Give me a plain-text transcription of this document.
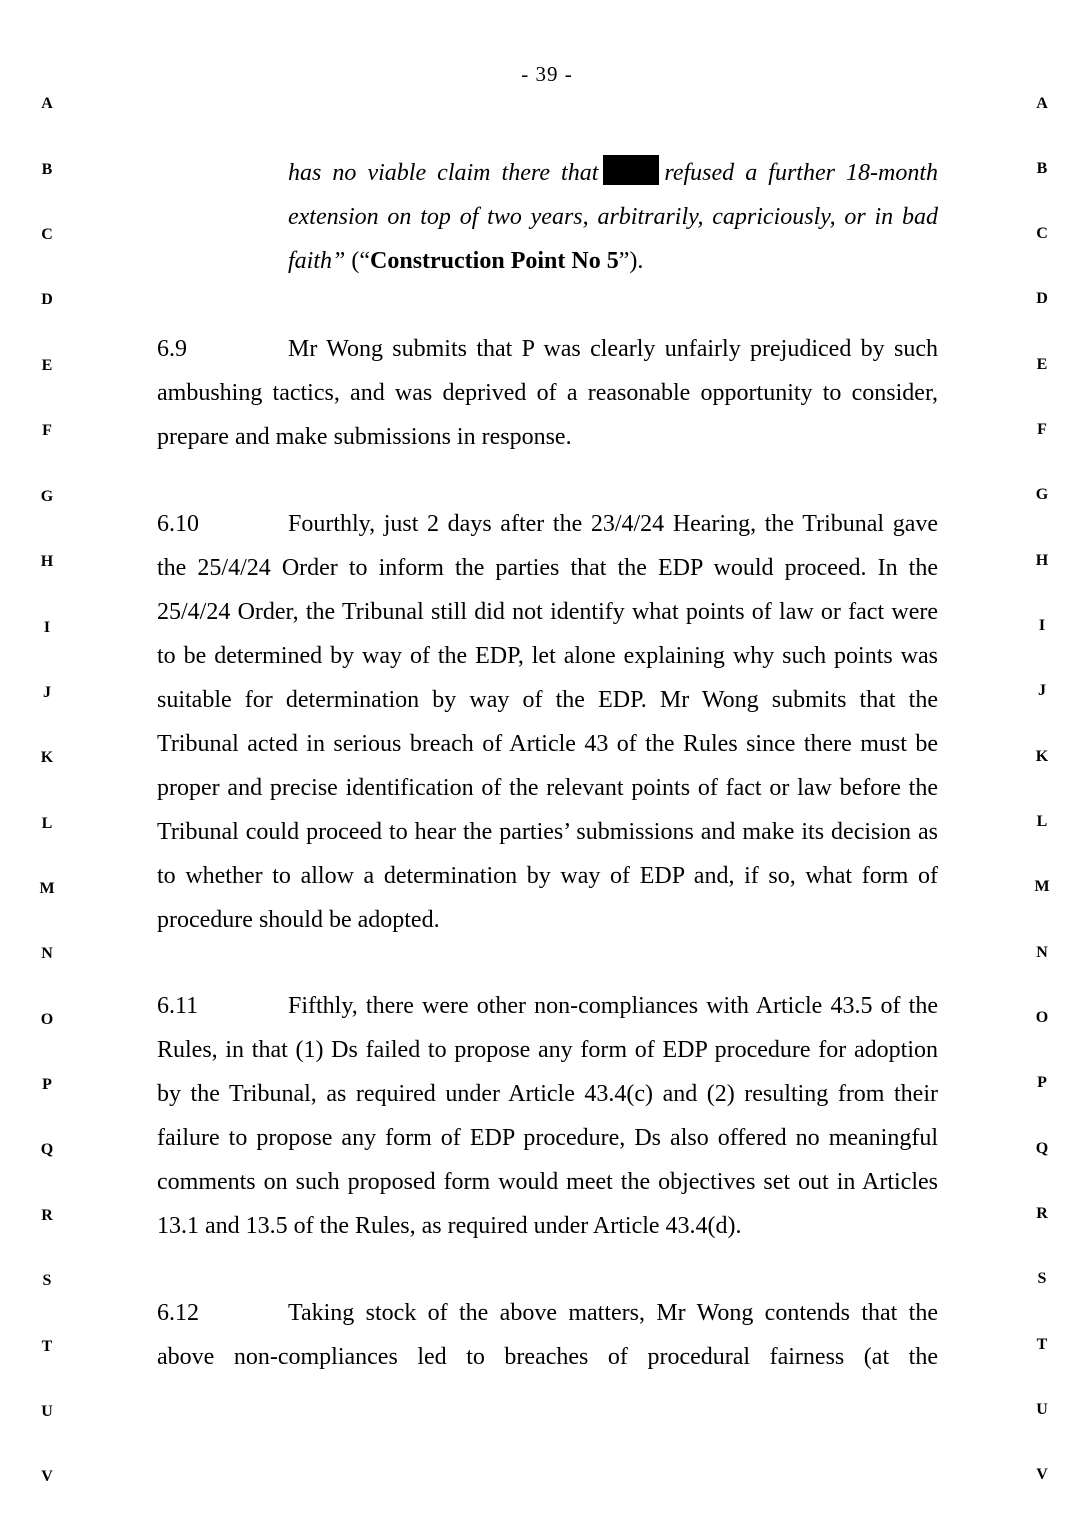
- 39 -
A
B
C
D
E
F
G
H
I
J
K
L
M
N
O
P
Q
R
S
T
U
V
A
B
C
D
E
F
G
H
I
J
K
L
M
N
O
P
Q
R
S
T
U
V
has no viable claim there that	refused a further 18-month extension on top of two years, arbitrarily, capriciously, or in bad faith” (“Construction Point No 5”).
6.9	Mr Wong submits that P was clearly unfairly prejudiced by such ambushing tactics, and was deprived of a reasonable opportunity to consider, prepare and make submissions in response.
6.10	Fourthly, just 2 days after the 23/4/24 Hearing, the Tribunal gave the 25/4/24 Order to inform the parties that the EDP would proceed. In the 25/4/24 Order, the Tribunal still did not identify what points of law or fact were to be determined by way of the EDP, let alone explaining why such points was suitable for determination by way of the EDP. Mr Wong submits that the Tribunal acted in serious breach of Article 43 of the Rules since there must be proper and precise identification of the relevant points of fact or law before the Tribunal could proceed to hear the parties’ submissions and make its decision as to whether to allow a determination by way of EDP and, if so, what form of procedure should be adopted.
6.11	Fifthly, there were other non-compliances with Article 43.5 of the Rules, in that (1) Ds failed to propose any form of EDP procedure for adoption by the Tribunal, as required under Article 43.4(c) and (2) resulting from their failure to propose any form of EDP procedure, Ds also offered no meaningful comments on such proposed form would meet the objectives set out in Articles 13.1 and 13.5 of the Rules, as required under Article 43.4(d).
6.12	Taking stock of the above matters, Mr Wong contends that the above non-compliances led to breaches of procedural fairness (at the
